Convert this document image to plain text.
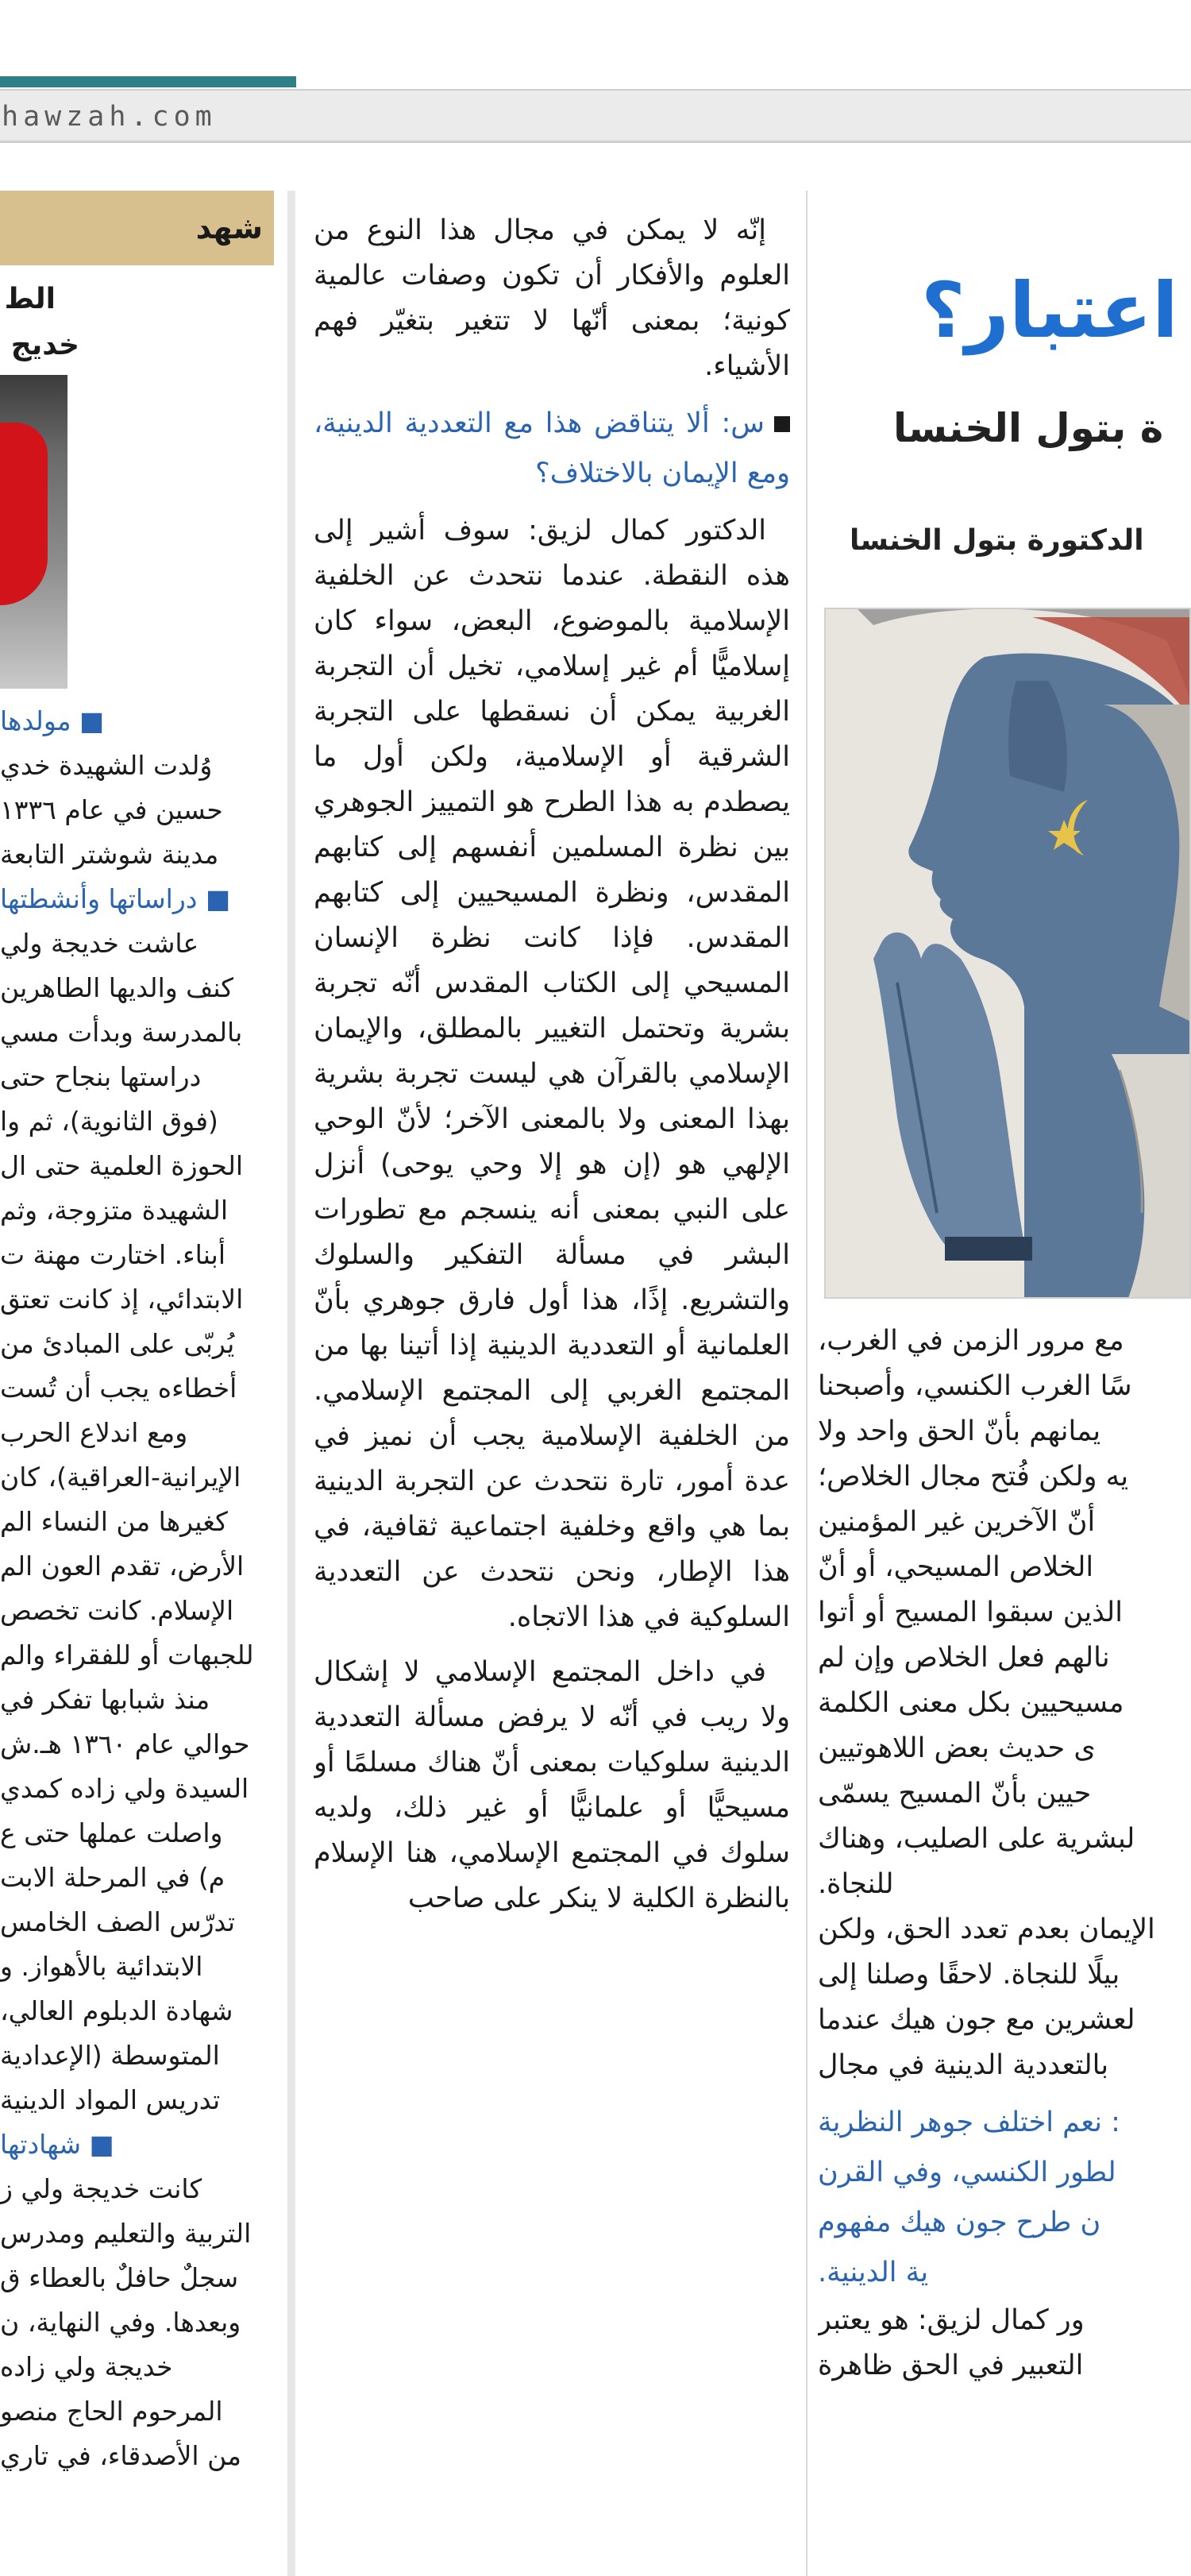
hawzah.com
شهد
الط
خديج
■ مولدها
وُلدت الشهيدة خدي
حسين في عام ١٣٣٦
مدينة شوشتر التابعة
■ دراساتها وأنشطتها
عاشت خديجة ولي
كنف والديها الطاهرين
بالمدرسة وبدأت مسي
دراستها بنجاح حتى
(فوق الثانوية)، ثم وا
الحوزة العلمية حتى ال
الشهيدة متزوجة، وثم
أبناء. اختارت مهنة ت
الابتدائي، إذ كانت تعتق
يُربّى على المبادئ من
أخطاءه يجب أن تُست
ومع اندلاع الحرب
الإيرانية-العراقية)، كان
كغيرها من النساء الم
الأرض، تقدم العون الم
الإسلام. كانت تخصص
للجبهات أو للفقراء والم
منذ شبابها تفكر في
حوالي عام ١٣٦٠ هـ.ش
السيدة ولي زاده كمدي
واصلت عملها حتى ع
م) في المرحلة الابت
تدرّس الصف الخامس
الابتدائية بالأهواز. و
شهادة الدبلوم العالي،
المتوسطة (الإعدادية
تدريس المواد الدينية
■ شهادتها
كانت خديجة ولي ز
التربية والتعليم ومدرس
سجلٌ حافلٌ بالعطاء ق
وبعدها. وفي النهاية، ن
خديجة ولي زاده
المرحوم الحاج منصو
من الأصدقاء، في تاري

إنّه لا يمكن في مجال هذا النوع من العلوم والأفكار أن تكون وصفات عالمية كونية؛ بمعنى أنّها لا تتغير بتغيّر فهم الأشياء.

س: ألا يتناقض هذا مع التعددية الدينية، ومع الإيمان بالاختلاف؟

الدكتور كمال لزيق: سوف أشير إلى هذه النقطة. عندما نتحدث عن الخلفية الإسلامية بالموضوع، البعض، سواء كان إسلاميًّا أم غير إسلامي، تخيل أن التجربة الغربية يمكن أن نسقطها على التجربة الشرقية أو الإسلامية، ولكن أول ما يصطدم به هذا الطرح هو التمييز الجوهري بين نظرة المسلمين أنفسهم إلى كتابهم المقدس، ونظرة المسيحيين إلى كتابهم المقدس. فإذا كانت نظرة الإنسان المسيحي إلى الكتاب المقدس أنّه تجربة بشرية وتحتمل التغيير بالمطلق، والإيمان الإسلامي بالقرآن هي ليست تجربة بشرية بهذا المعنى ولا بالمعنى الآخر؛ لأنّ الوحي الإلهي هو (إن هو إلا وحي يوحى) أنزل على النبي بمعنى أنه ينسجم مع تطورات البشر في مسألة التفكير والسلوك والتشريع. إذًا، هذا أول فارق جوهري بأنّ العلمانية أو التعددية الدينية إذا أتينا بها من المجتمع الغربي إلى المجتمع الإسلامي. من الخلفية الإسلامية يجب أن نميز في عدة أمور، تارة نتحدث عن التجربة الدينية بما هي واقع وخلفية اجتماعية ثقافية، في هذا الإطار، ونحن نتحدث عن التعددية السلوكية في هذا الاتجاه.

في داخل المجتمع الإسلامي لا إشكال ولا ريب في أنّه لا يرفض مسألة التعددية الدينية سلوكيات بمعنى أنّ هناك مسلمًا أو مسيحيًّا أو علمانيًّا أو غير ذلك، ولديه سلوك في المجتمع الإسلامي، هنا الإسلام بالنظرة الكلية لا ينكر على صاحب

اعتبار؟
ة بتول الخنسا
الدكتورة بتول الخنسا
مع مرور الزمن في الغرب،
سًا الغرب الكنسي، وأصبحنا
يمانهم بأنّ الحق واحد ولا
يه ولكن فُتح مجال الخلاص؛
أنّ الآخرين غير المؤمنين
الخلاص المسيحي، أو أنّ
الذين سبقوا المسيح أو أتوا
نالهم فعل الخلاص وإن لم
مسيحيين بكل معنى الكلمة
ى حديث بعض اللاهوتيين
حيين بأنّ المسيح يسمّى
لبشرية على الصليب، وهناك
للنجاة.
الإيمان بعدم تعدد الحق، ولكن
بيلًا للنجاة. لاحقًا وصلنا إلى
لعشرين مع جون هيك عندما
بالتعددية الدينية في مجال
: نعم اختلف جوهر النظرية
لطور الكنسي، وفي القرن
ن طرح جون هيك مفهوم
ية الدينية.
ور كمال لزيق: هو يعتبر
التعبير في الحق ظاهرة
